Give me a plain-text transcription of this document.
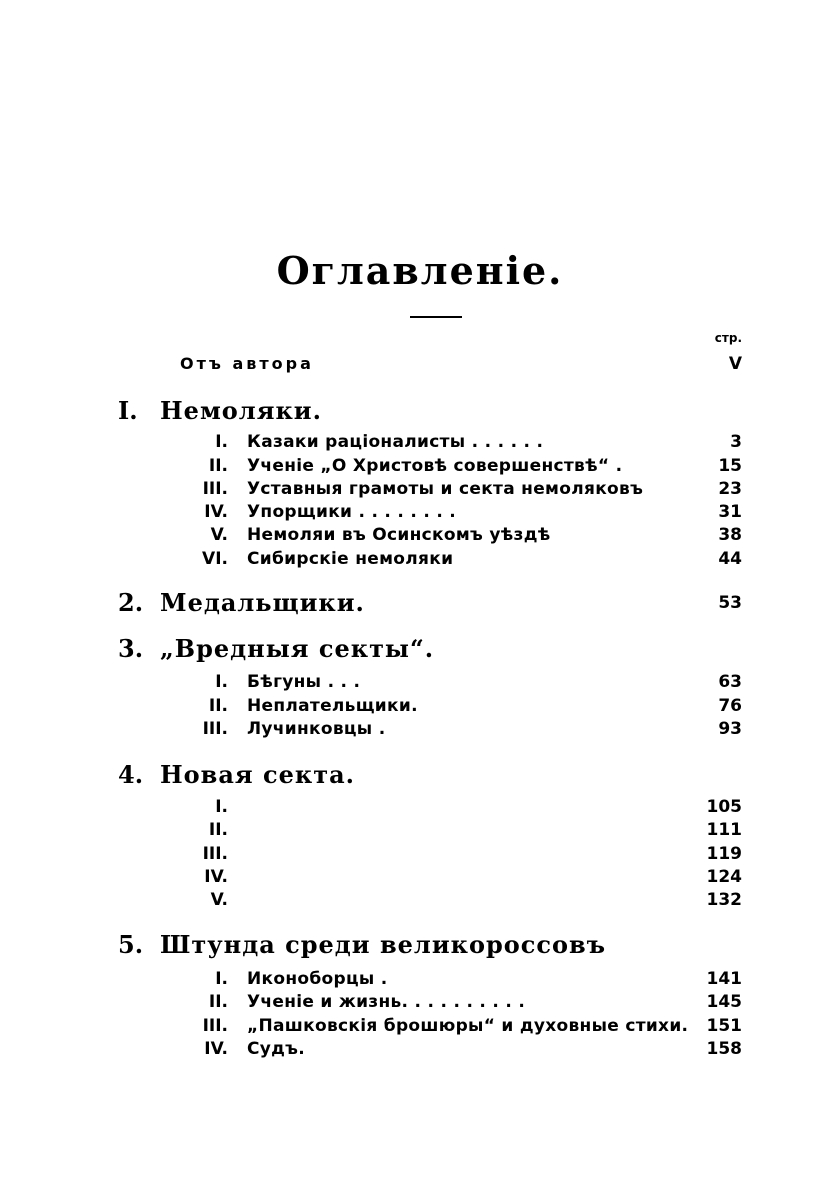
Оглавленіе.
стр.
Отъ автора	V
I. Немоляки.
I. Казаки раціоналисты . . . . . .	3
II. Ученіе „О Христовѣ совершенствѣ“ .	15
III. Уставныя грамоты и секта немоляковъ	23
IV. Упорщики . . . . . . . .	31
V. Немоляи въ Осинскомъ уѣздѣ	38
VI. Сибирскіе немоляки	44
2. Медальщики.	53
3. „Вредныя секты“.
I. Бѣгуны . . .	63
II. Неплательщики.	76
III. Лучинковцы .	93
4. Новая секта.
I.	105
II.	111
III.	119
IV.	124
V.	132
5. Штунда среди великороссовъ
I. Иконоборцы .	141
II. Ученіе и жизнь. . . . . . . . . .	145
III. „Пашковскія брошюры“ и духовные стихи. 151
IV. Судъ.	158
